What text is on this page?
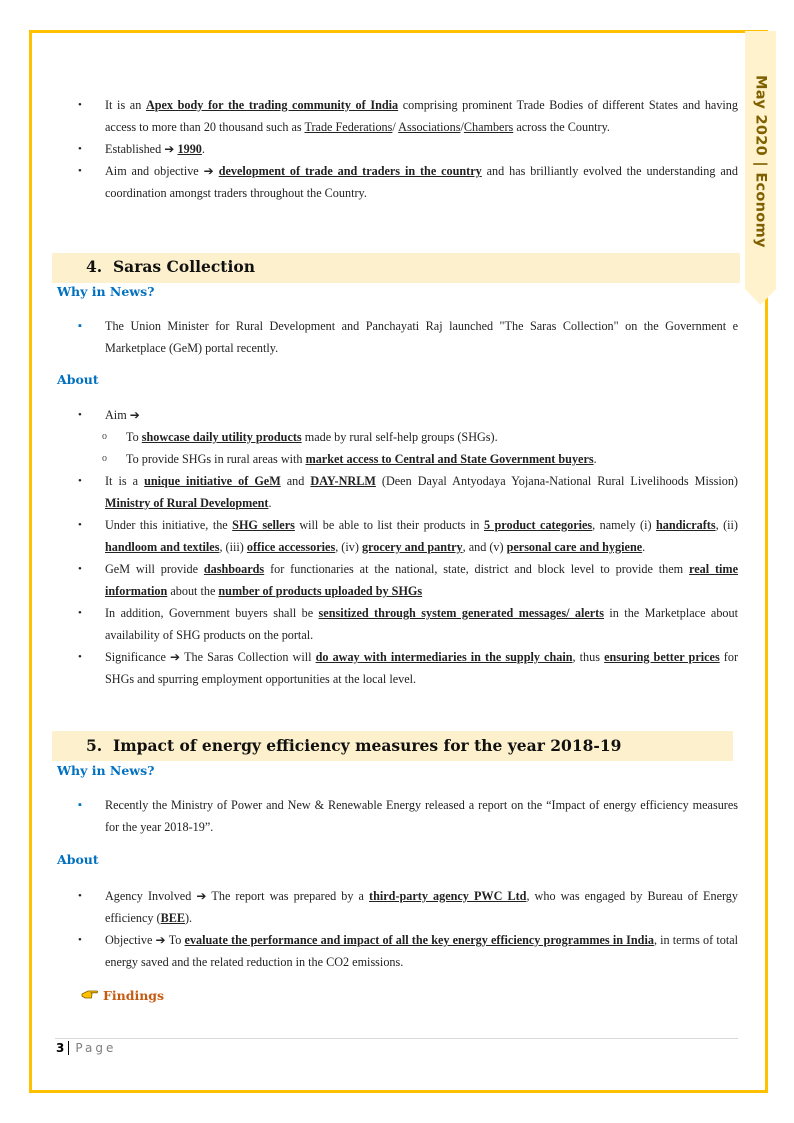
May 2020 | Economy
• It is an Apex body for the trading community of India comprising prominent Trade Bodies of different States and having access to more than 20 thousand such as Trade Federations/ Associations/Chambers across the Country.
• Established ➔ 1990.
• Aim and objective ➔ development of trade and traders in the country and has brilliantly evolved the understanding and coordination amongst traders throughout the Country.
4. Saras Collection
Why in News?
▪ The Union Minister for Rural Development and Panchayati Raj launched "The Saras Collection" on the Government e Marketplace (GeM) portal recently.
About
• Aim ➔
o To showcase daily utility products made by rural self-help groups (SHGs).
o To provide SHGs in rural areas with market access to Central and State Government buyers.
• It is a unique initiative of GeM and DAY-NRLM (Deen Dayal Antyodaya Yojana-National Rural Livelihoods Mission) Ministry of Rural Development.
• Under this initiative, the SHG sellers will be able to list their products in 5 product categories, namely (i) handicrafts, (ii) handloom and textiles, (iii) office accessories, (iv) grocery and pantry, and (v) personal care and hygiene.
• GeM will provide dashboards for functionaries at the national, state, district and block level to provide them real time information about the number of products uploaded by SHGs
• In addition, Government buyers shall be sensitized through system generated messages/ alerts in the Marketplace about availability of SHG products on the portal.
• Significance ➔ The Saras Collection will do away with intermediaries in the supply chain, thus ensuring better prices for SHGs and spurring employment opportunities at the local level.
5. Impact of energy efficiency measures for the year 2018-19
Why in News?
▪ Recently the Ministry of Power and New & Renewable Energy released a report on the “Impact of energy efficiency measures for the year 2018-19”.
About
• Agency Involved ➔ The report was prepared by a third-party agency PWC Ltd, who was engaged by Bureau of Energy efficiency (BEE).
• Objective ➔ To evaluate the performance and impact of all the key energy efficiency programmes in India, in terms of total energy saved and the related reduction in the CO2 emissions.
Findings
3 Page
